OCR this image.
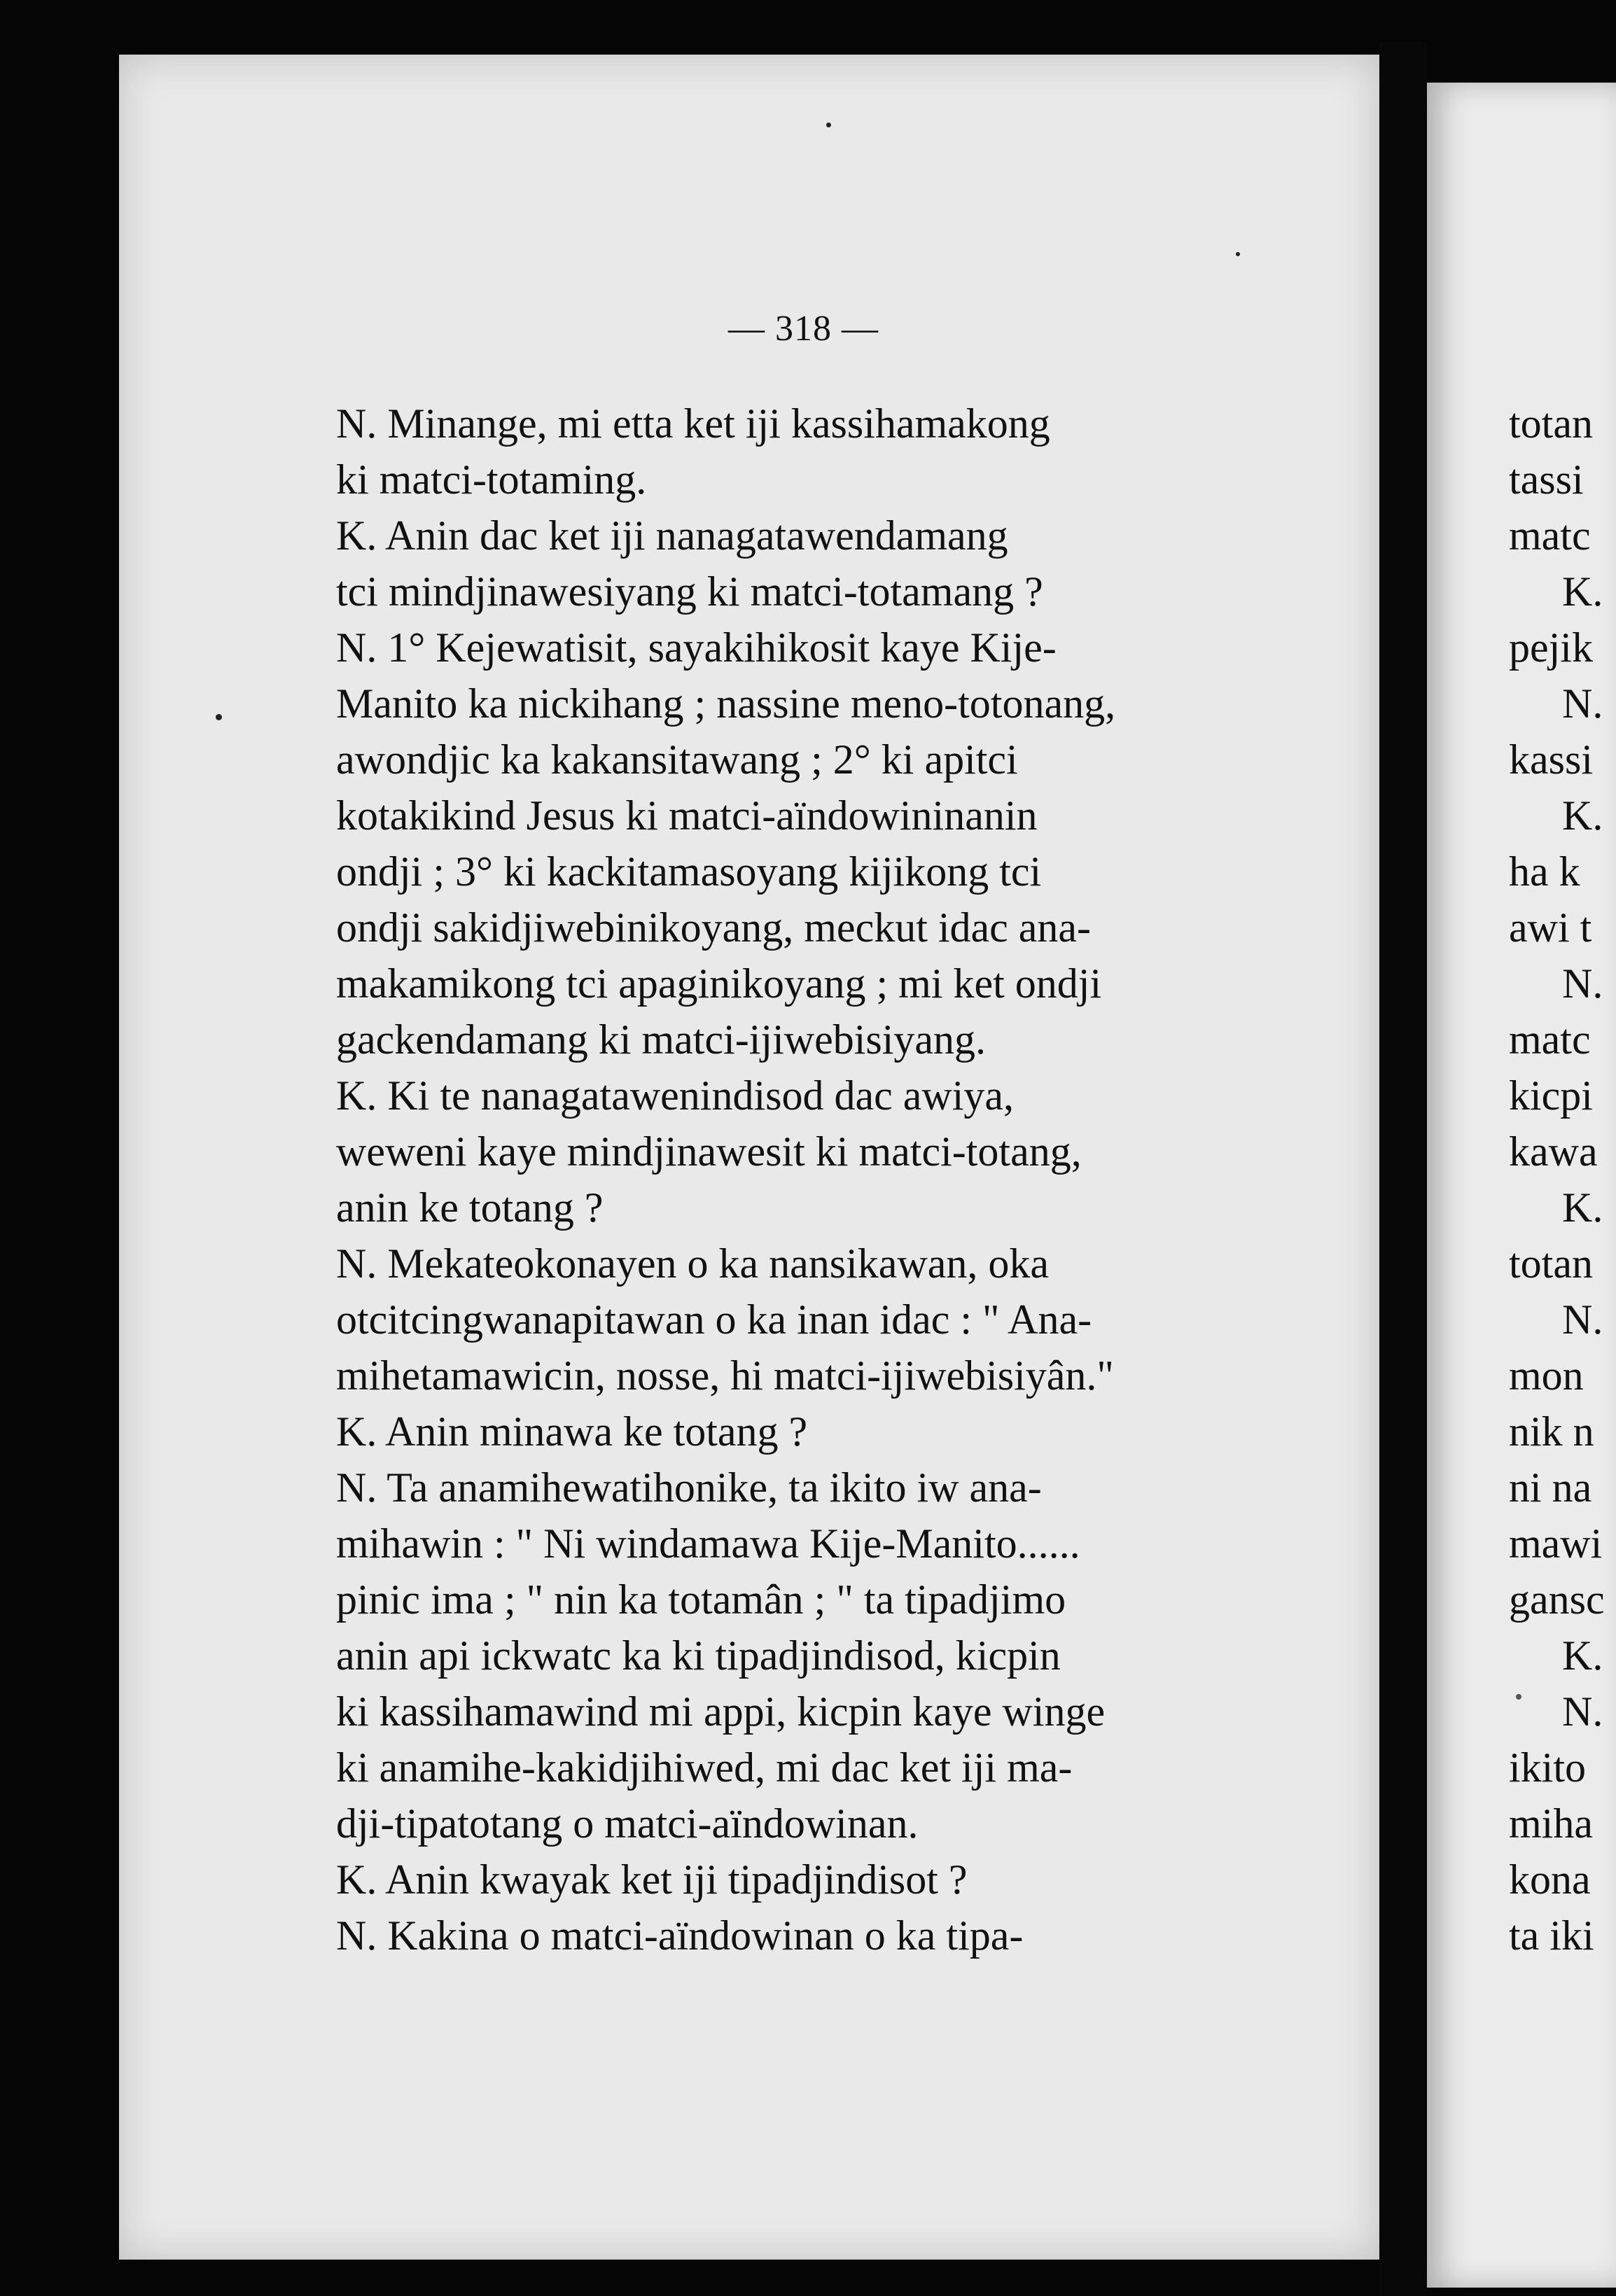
— 318 —
N. Minange, mi etta ket iji kassihamakong
ki matci-totaming.
K. Anin dac ket iji nanagatawendamang
tci mindjinawesiyang ki matci-totamang ?
N. 1° Kejewatisit, sayakihikosit kaye Kije-
Manito ka nickihang ; nassine meno-totonang,
awondjic ka kakansitawang ; 2° ki apitci
kotakikind Jesus ki matci-aïndowininanin
ondji ; 3° ki kackitamasoyang kijikong tci
ondji sakidjiwebinikoyang, meckut idac ana-
makamikong tci apaginikoyang ; mi ket ondji
gackendamang ki matci-ijiwebisiyang.
K. Ki te nanagatawenindisod dac awiya,
weweni kaye mindjinawesit ki matci-totang,
anin ke totang ?
N. Mekateokonayen o ka nansikawan, oka
otcitcingwanapitawan o ka inan idac : " Ana-
mihetamawicin, nosse, hi matci-ijiwebisiyân."
K. Anin minawa ke totang ?
N. Ta anamihewatihonike, ta ikito iw ana-
mihawin : " Ni windamawa Kije-Manito......
pinic ima ; " nin ka totamân ; " ta tipadjimo
anin api ickwatc ka ki tipadjindisod, kicpin
ki kassihamawind mi appi, kicpin kaye winge
ki anamihe-kakidjihiwed, mi dac ket iji ma-
dji-tipatotang o matci-aïndowinan.
K. Anin kwayak ket iji tipadjindisot ?
N. Kakina o matci-aïndowinan o ka tipa-
totan
tassi
matc
K.
pejik
N.
kassi
K.
ha k
awi t
N.
matc
kicpi
kawa
K.
totan
N.
mon
nik n
ni na
mawi
gansc
K.
N.
ikito
miha
kona
ta iki
